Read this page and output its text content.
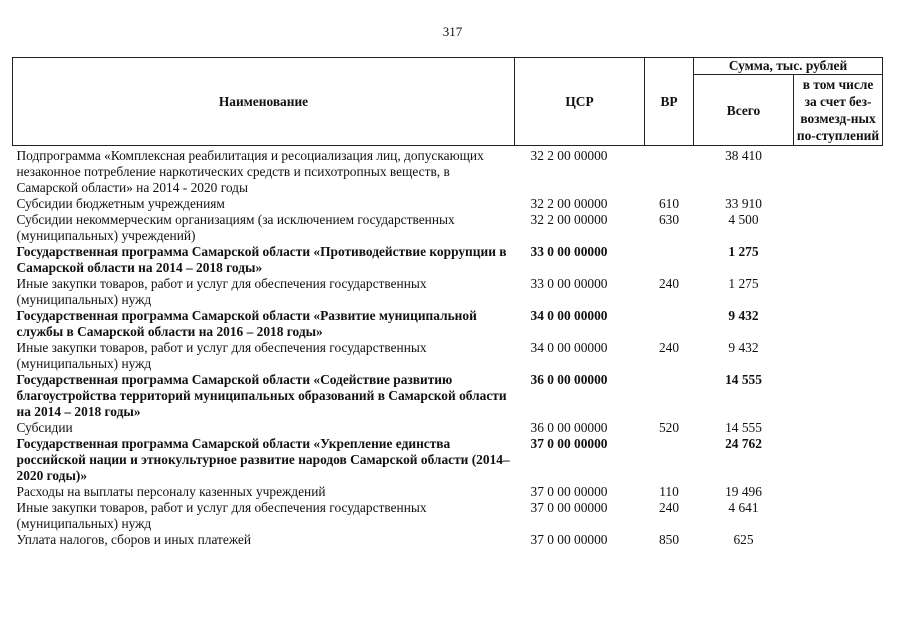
317
Наименование	ЦСР	ВР	Сумма, тыс. рублей	
			Всего	в том числе за счет без-возмезд-ных по-ступлений
Подпрограмма «Комплексная реабилитация и ресоциализация лиц, допускающих незаконное потребление наркотических средств и психотропных веществ, в Самарской области» на 2014 - 2020 годы	32 2 00 00000		38 410	
Субсидии бюджетным учреждениям	32 2 00 00000	610	33 910	
Субсидии некоммерческим организациям (за исключением государственных (муниципальных) учреждений)	32 2 00 00000	630	4 500	
Государственная программа Самарской области «Противодействие коррупции в Самарской области на 2014 – 2018 годы»	33 0 00 00000		1 275	
Иные закупки товаров, работ и услуг для обеспечения государственных (муниципальных) нужд	33 0 00 00000	240	1 275	
Государственная программа Самарской области «Развитие муниципальной службы в Самарской области на 2016 – 2018 годы»	34 0 00 00000		9 432	
Иные закупки товаров, работ и услуг для обеспечения государственных (муниципальных) нужд	34 0 00 00000	240	9 432	
Государственная программа Самарской области «Содействие развитию благоустройства территорий муниципальных образований в Самарской области на 2014 – 2018 годы»	36 0 00 00000		14 555	
Субсидии	36 0 00 00000	520	14 555	
Государственная программа Самарской области «Укрепление единства российской нации и этнокультурное развитие народов Самарской области (2014–2020 годы)»	37 0 00 00000		24 762	
Расходы на выплаты персоналу казенных учреждений	37 0 00 00000	110	19 496	
Иные закупки товаров, работ и услуг для обеспечения государственных (муниципальных) нужд	37 0 00 00000	240	4 641	
Уплата налогов, сборов и иных платежей	37 0 00 00000	850	625	
